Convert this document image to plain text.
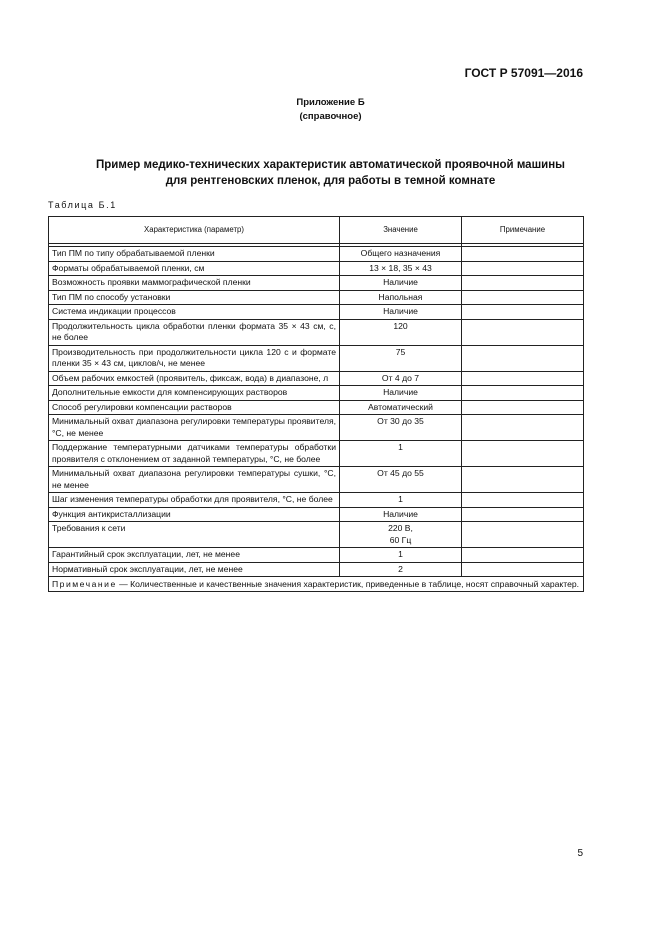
ГОСТ Р 57091—2016
Приложение Б
(справочное)
Пример медико-технических характеристик автоматической проявочной машины
для рентгеновских пленок, для работы в темной комнате
Таблица Б.1
Характеристика (параметр)	Значение	Примечание

Тип ПМ по типу обрабатываемой пленки	Общего назначения	
Форматы обрабатываемой пленки, см	13 × 18, 35 × 43	
Возможность проявки маммографической пленки	Наличие	
Тип ПМ по способу установки	Напольная	
Система индикации процессов	Наличие	
Продолжительность цикла обработки пленки формата 35 × 43 см, с, не более	120	
Производительность при продолжительности цикла 120 с и формате пленки 35 × 43 см, циклов/ч, не менее	75	
Объем рабочих емкостей (проявитель, фиксаж, вода) в диапазоне, л	От 4 до 7	
Дополнительные емкости для компенсирующих растворов	Наличие	
Способ регулировки компенсации растворов	Автоматический	
Минимальный охват диапазона регулировки температуры проявителя, °С, не менее	От 30 до 35	
Поддержание температурными датчиками температуры обработки проявителя с отклонением от заданной температуры, °С, не более	1	
Минимальный охват диапазона регулировки температуры сушки, °С, не менее	От 45 до 55	
Шаг изменения температуры обработки для проявителя, °С, не более	1	
Функция антикристаллизации	Наличие	
Требования к сети	220 В,
60 Гц	
Гарантийный срок эксплуатации, лет, не менее	1	
Нормативный срок эксплуатации, лет, не менее	2	
Примечание — Количественные и качественные значения характеристик, приведенные в таблице, носят справочный характер.		
5
